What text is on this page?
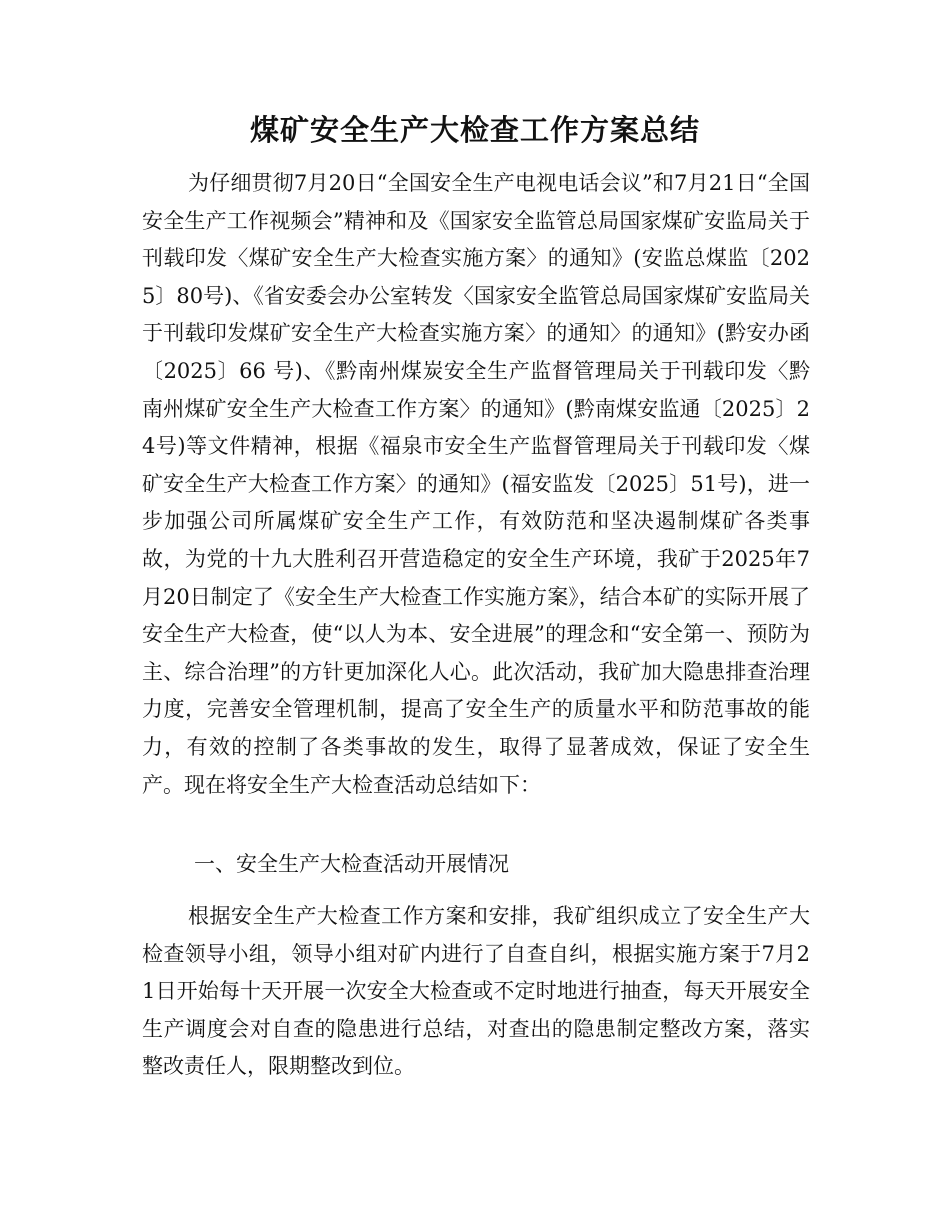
煤矿安全生产大检查工作方案总结

为仔细贯彻7月20日“全国安全生产电视电话会议”和7月21日“全国安全生产工作视频会”精神和及《国家安全监管总局国家煤矿安监局关于刊载印发〈煤矿安全生产大检查实施方案〉的通知》(安监总煤监〔2025〕80号)、《省安委会办公室转发〈国家安全监管总局国家煤矿安监局关于刊载印发煤矿安全生产大检查实施方案〉的通知〉的通知》(黔安办函〔2025〕66 号)、《黔南州煤炭安全生产监督管理局关于刊载印发〈黔南州煤矿安全生产大检查工作方案〉的通知》(黔南煤安监通〔2025〕24号)等文件精神，根据《福泉市安全生产监督管理局关于刊载印发〈煤矿安全生产大检查工作方案〉的通知》(福安监发〔2025〕51号)，进一步加强公司所属煤矿安全生产工作，有效防范和坚决遏制煤矿各类事故，为党的十九大胜利召开营造稳定的安全生产环境，我矿于2025年7月20日制定了《安全生产大检查工作实施方案》，结合本矿的实际开展了安全生产大检查，使“以人为本、安全进展”的理念和“安全第一、预防为主、综合治理”的方针更加深化人心。此次活动，我矿加大隐患排查治理力度，完善安全管理机制，提高了安全生产的质量水平和防范事故的能力，有效的控制了各类事故的发生，取得了显著成效，保证了安全生产。现在将安全生产大检查活动总结如下：

一、安全生产大检查活动开展情况

根据安全生产大检查工作方案和安排，我矿组织成立了安全生产大检查领导小组，领导小组对矿内进行了自查自纠，根据实施方案于7月21日开始每十天开展一次安全大检查或不定时地进行抽查，每天开展安全生产调度会对自查的隐患进行总结，对查出的隐患制定整改方案，落实整改责任人，限期整改到位。
